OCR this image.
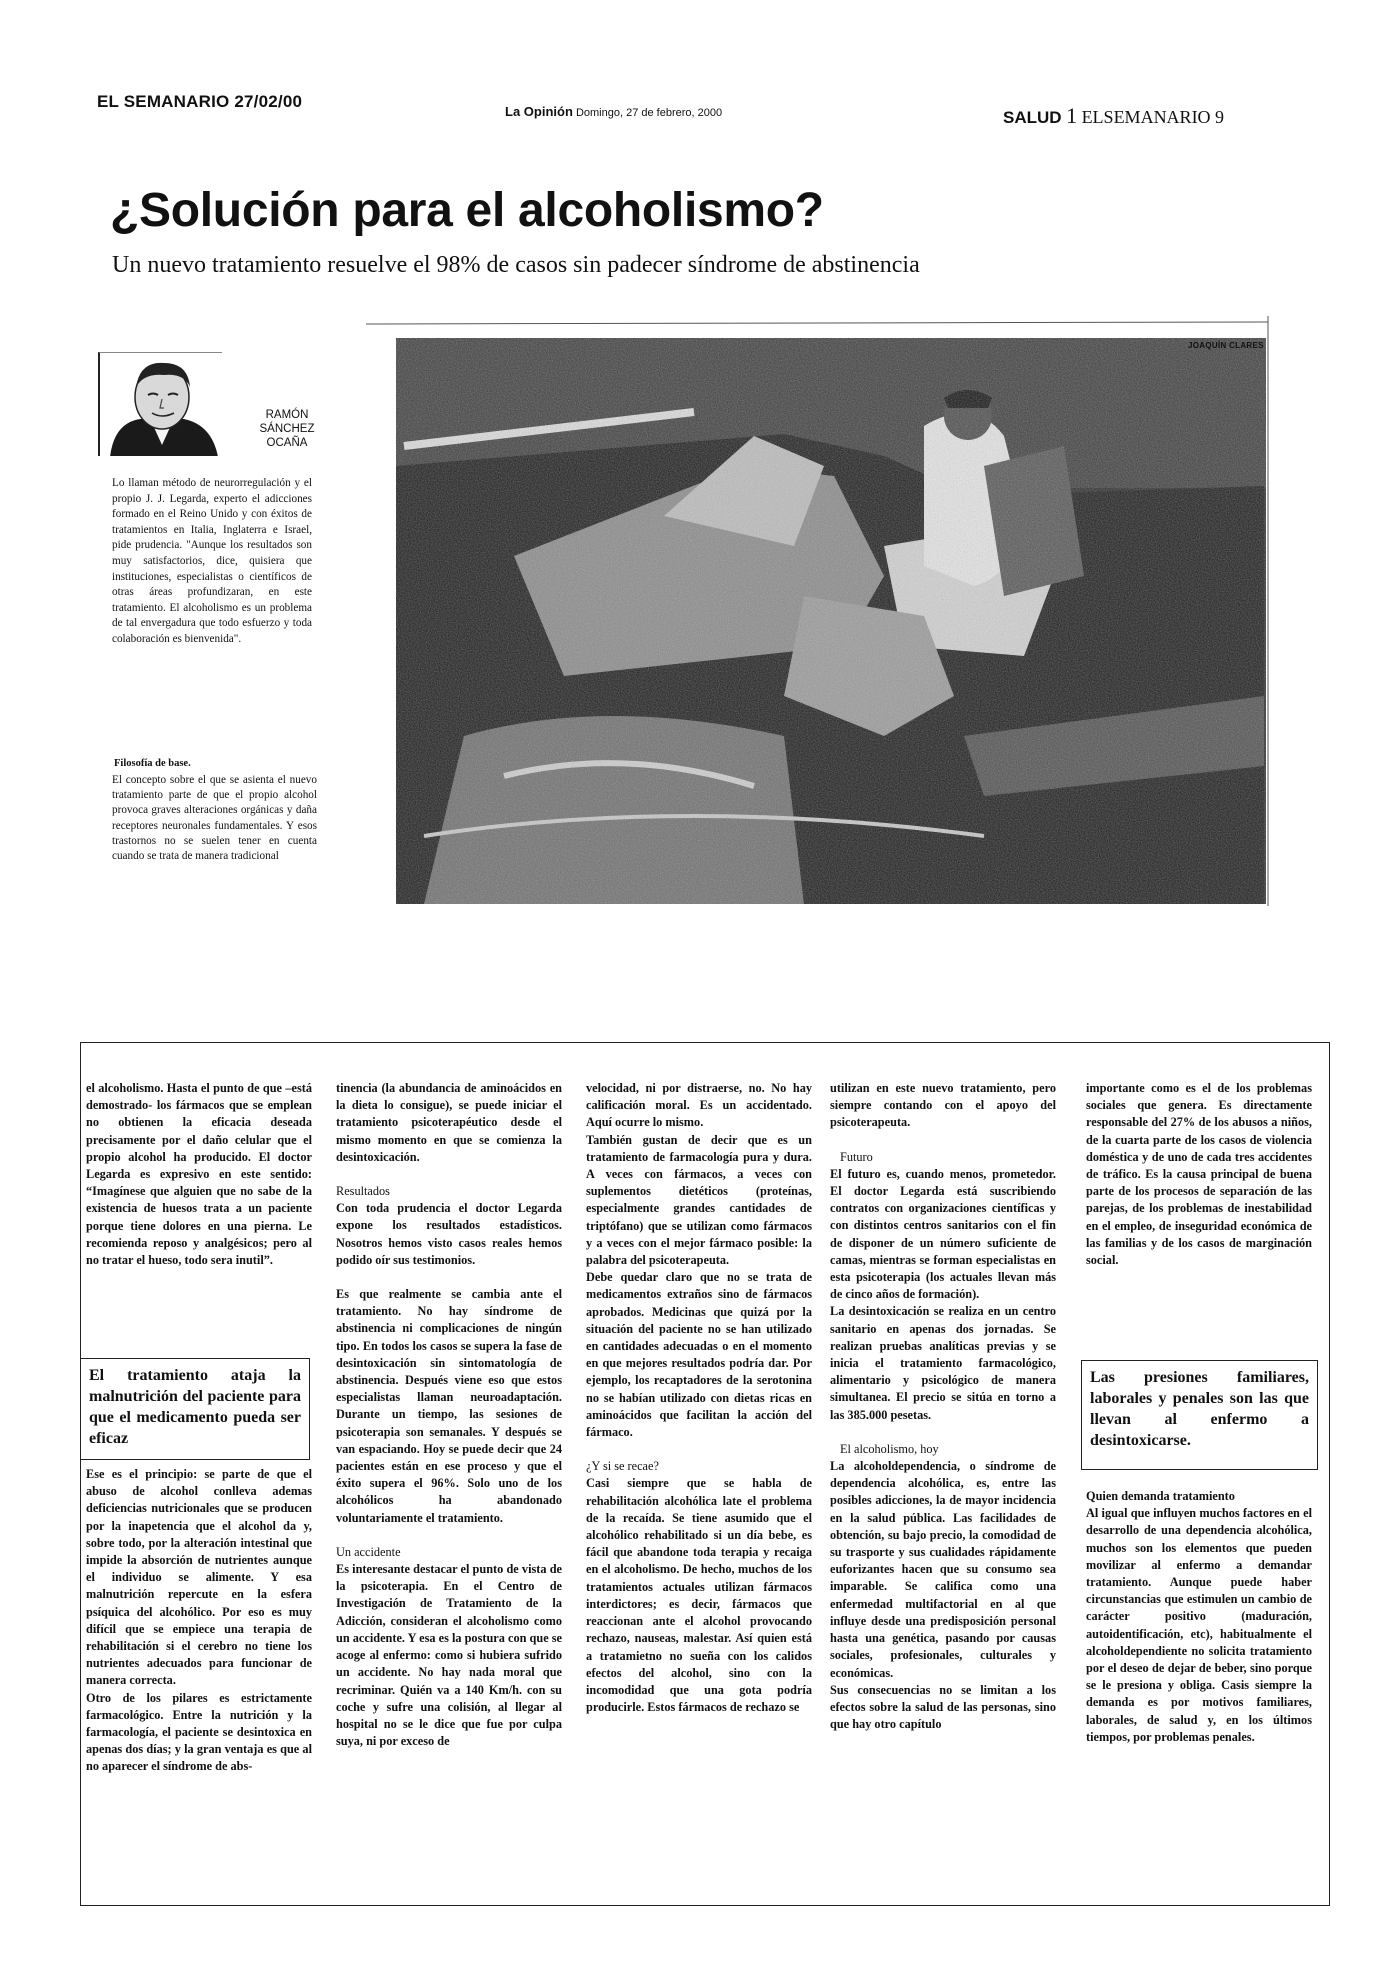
EL SEMANARIO 27/02/00
La Opinión Domingo, 27 de febrero, 2000	SALUD 1 ELSEMANARIO 9
¿Solución para el alcoholismo?
Un nuevo tratamiento resuelve el 98% de casos sin padecer síndrome de abstinencia
RAMÓN
SÁNCHEZ
OCAÑA
Lo llaman método de neurorregulación y el propio J. J. Legarda, experto el adicciones formado en el Reino Unido y con éxitos de tratamientos en Italia, Inglaterra e Israel, pide prudencia. "Aunque los resultados son muy satisfactorios, dice, quisiera que instituciones, especialistas o científicos de otras áreas profundizaran, en este tratamiento. El alcoholismo es un problema de tal envergadura que todo esfuerzo y toda colaboración es bienvenida".
Filosofía de base.
El concepto sobre el que se asienta el nuevo tratamiento parte de que el propio alcohol provoca graves alteraciones orgánicas y daña receptores neuronales fundamentales. Y esos trastornos no se suelen tener en cuenta cuando se trata de manera tradicional
JOAQUÍN CLARES

el alcoholismo. Hasta el punto de que –está demostrado- los fármacos que se emplean no obtienen la eficacia deseada precisamente por el daño celular que el propio alcohol ha producido. El doctor Legarda es expresivo en este sentido: “Imagínese que alguien que no sabe de la existencia de huesos trata a un paciente porque tiene dolores en una pierna. Le recomienda reposo y analgésicos; pero al no tratar el hueso, todo sera inutil”.

El tratamiento ataja la malnutrición del paciente para que el medicamento pueda ser eficaz

Ese es el principio: se parte de que el abuso de alcohol conlleva ademas deficiencias nutricionales que se producen por la inapetencia que el alcohol da y, sobre todo, por la alteración intestinal que impide la absorción de nutrientes aunque el individuo se alimente. Y esa malnutrición repercute en la esfera psíquica del alcohólico. Por eso es muy difícil que se empiece una terapia de rehabilitación si el cerebro no tiene los nutrientes adecuados para funcionar de manera correcta.

Otro de los pilares es estrictamente farmacológico. Entre la nutrición y la farmacología, el paciente se desintoxica en apenas dos días; y la gran ventaja es que al no aparecer el síndrome de abs-

tinencia (la abundancia de aminoácidos en la dieta lo consigue), se puede iniciar el tratamiento psicoterapéutico desde el mismo momento en que se comienza la desintoxicación.

Resultados

Con toda prudencia el doctor Legarda expone los resultados estadísticos. Nosotros hemos visto casos reales hemos podido oír sus testimonios.

Es que realmente se cambia ante el tratamiento. No hay síndrome de abstinencia ni complicaciones de ningún tipo. En todos los casos se supera la fase de desintoxicación sin sintomatología de abstinencia. Después viene eso que estos especialistas llaman neuroadaptación. Durante un tiempo, las sesiones de psicoterapia son semanales. Y después se van espaciando. Hoy se puede decir que 24 pacientes están en ese proceso y que el éxito supera el 96%. Solo uno de los alcohólicos ha abandonado voluntariamente el tratamiento.

Un accidente

Es interesante destacar el punto de vista de la psicoterapia. En el Centro de Investigación de Tratamiento de la Adicción, consideran el alcoholismo como un accidente. Y esa es la postura con que se acoge al enfermo: como si hubiera sufrido un accidente. No hay nada moral que recriminar. Quién va a 140 Km/h. con su coche y sufre una colisión, al llegar al hospital no se le dice que fue por culpa suya, ni por exceso de

velocidad, ni por distraerse, no. No hay calificación moral. Es un accidentado. Aquí ocurre lo mismo.

También gustan de decir que es un tratamiento de farmacología pura y dura. A veces con fármacos, a veces con suplementos dietéticos (proteínas, especialmente grandes cantidades de triptófano) que se utilizan como fármacos y a veces con el mejor fármaco posible: la palabra del psicoterapeuta.

Debe quedar claro que no se trata de medicamentos extraños sino de fármacos aprobados. Medicinas que quizá por la situación del paciente no se han utilizado en cantidades adecuadas o en el momento en que mejores resultados podría dar. Por ejemplo, los recaptadores de la serotonina no se habían utilizado con dietas ricas en aminoácidos que facilitan la acción del fármaco.

¿Y si se recae?

Casi siempre que se habla de rehabilitación alcohólica late el problema de la recaída. Se tiene asumido que el alcohólico rehabilitado si un día bebe, es fácil que abandone toda terapia y recaiga en el alcoholismo. De hecho, muchos de los tratamientos actuales utilizan fármacos interdictores; es decir, fármacos que reaccionan ante el alcohol provocando rechazo, nauseas, malestar. Así quien está a tratamietno no sueña con los calidos efectos del alcohol, sino con la incomodidad que una gota podría producirle. Estos fármacos de rechazo se

utilizan en este nuevo tratamiento, pero siempre contando con el apoyo del psicoterapeuta.

Futuro

El futuro es, cuando menos, prometedor. El doctor Legarda está suscribiendo contratos con organizaciones científicas y con distintos centros sanitarios con el fin de disponer de un número suficiente de camas, mientras se forman especialistas en esta psicoterapia (los actuales llevan más de cinco años de formación).

La desintoxicación se realiza en un centro sanitario en apenas dos jornadas. Se realizan pruebas analíticas previas y se inicia el tratamiento farmacológico, alimentario y psicológico de manera simultanea. El precio se sitúa en torno a las 385.000 pesetas.

El alcoholismo, hoy

La alcoholdependencia, o síndrome de dependencia alcohólica, es, entre las posibles adicciones, la de mayor incidencia en la salud pública. Las facilidades de obtención, su bajo precio, la comodidad de su trasporte y sus cualidades rápidamente euforizantes hacen que su consumo sea imparable. Se califica como una enfermedad multifactorial en al que influye desde una predisposición personal hasta una genética, pasando por causas sociales, profesionales, culturales y económicas.

Sus consecuencias no se limitan a los efectos sobre la salud de las personas, sino que hay otro capítulo

importante como es el de los problemas sociales que genera. Es directamente responsable del 27% de los abusos a niños, de la cuarta parte de los casos de violencia doméstica y de uno de cada tres accidentes de tráfico. Es la causa principal de buena parte de los procesos de separación de las parejas, de los problemas de inestabilidad en el empleo, de inseguridad económica de las familias y de los casos de marginación social.

Las presiones familiares, laborales y penales son las que llevan al enfermo a desintoxicarse.

Quien demanda tratamiento

Al igual que influyen muchos factores en el desarrollo de una dependencia alcohólica, muchos son los elementos que pueden movilizar al enfermo a demandar tratamiento. Aunque puede haber circunstancias que estimulen un cambio de carácter positivo (maduración, autoidentificación, etc), habitualmente el alcoholdependiente no solicita tratamiento por el deseo de dejar de beber, sino porque se le presiona y obliga. Casis siempre la demanda es por motivos familiares, laborales, de salud y, en los últimos tiempos, por problemas penales.
